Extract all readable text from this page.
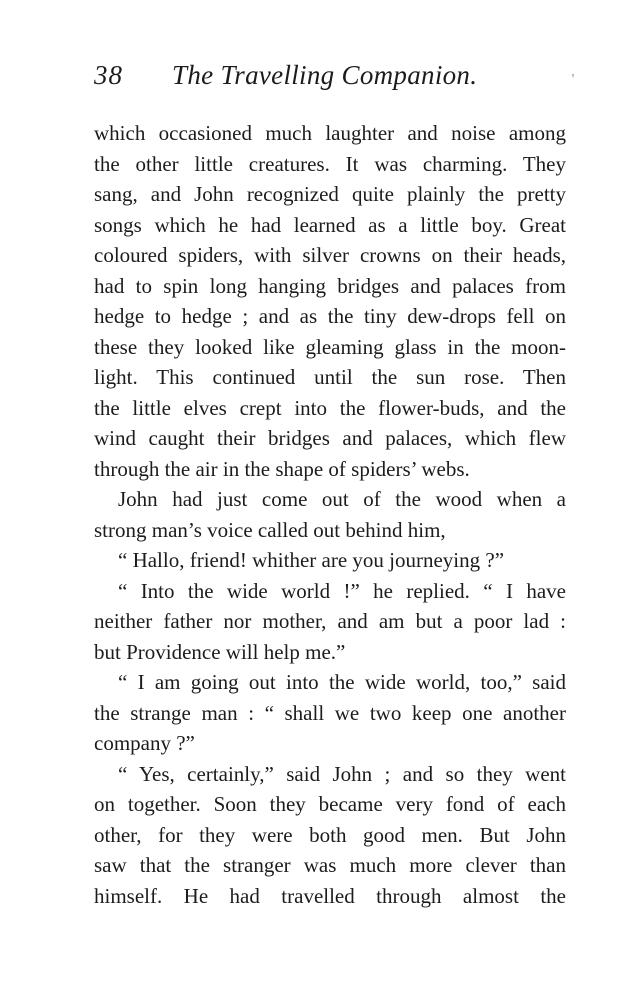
38 The Travelling Companion.	ꞌ
which occasioned much laughter and noise among
the other little creatures. It was charming. They
sang, and John recognized quite plainly the pretty
songs which he had learned as a little boy. Great
coloured spiders, with silver crowns on their heads,
had to spin long hanging bridges and palaces from
hedge to hedge ; and as the tiny dew-drops fell on
these they looked like gleaming glass in the moon-
light. This continued until the sun rose. Then
the little elves crept into the flower-buds, and the
wind caught their bridges and palaces, which flew
through the air in the shape of spiders’ webs.
John had just come out of the wood when a
strong man’s voice called out behind him,
“ Hallo, friend! whither are you journeying ?”
“ Into the wide world !” he replied. “ I have
neither father nor mother, and am but a poor lad :
but Providence will help me.”
“ I am going out into the wide world, too,” said
the strange man : “ shall we two keep one another
company ?”
“ Yes, certainly,” said John ; and so they went
on together. Soon they became very fond of each
other, for they were both good men. But John
saw that the stranger was much more clever than
himself. He had travelled through almost the
